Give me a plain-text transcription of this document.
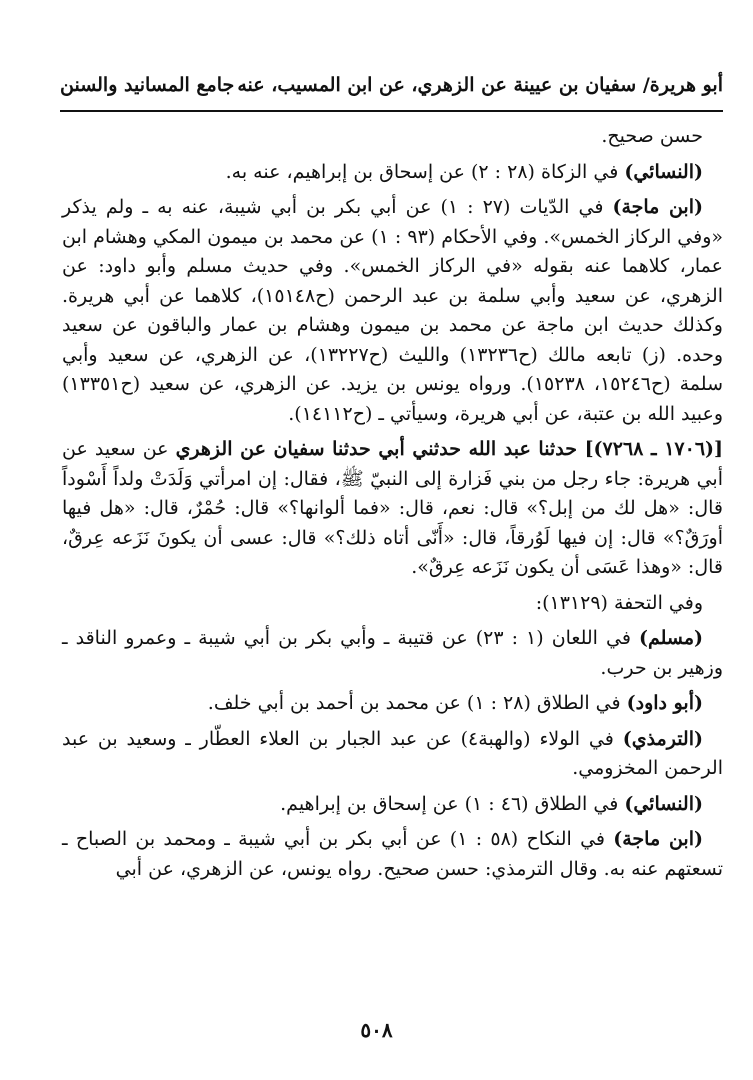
أبو هريرة/ سفيان بن عيينة عن الزهري، عن ابن المسيب، عنه
جامع المسانيد والسنن

حسن صحيح.

(النسائي) في الزكاة (٢٨ : ٢) عن إسحاق بن إبراهيم، عنه به.

(ابن ماجة) في الدّيات (٢٧ : ١) عن أبي بكر بن أبي شيبة، عنه به ـ ولم يذكر «وفي الركاز الخمس». وفي الأحكام (٩٣ : ١) عن محمد بن ميمون المكي وهشام ابن عمار، كلاهما عنه بقوله «في الركاز الخمس». وفي حديث مسلم وأبو داود: عن الزهري، عن سعيد وأبي سلمة بن عبد الرحمن (ح١٥١٤٨)، كلاهما عن أبي هريرة. وكذلك حديث ابن ماجة عن محمد بن ميمون وهشام بن عمار والباقون عن سعيد وحده. (ز) تابعه مالك (ح١٣٢٣٦) والليث (ح١٣٢٢٧)، عن الزهري، عن سعيد وأبي سلمة (ح١٥٢٤٦، ١٥٢٣٨). ورواه يونس بن يزيد. عن الزهري، عن سعيد (ح١٣٣٥١) وعبيد الله بن عتبة، عن أبي هريرة، وسيأتي ـ (ح١٤١١٢).

[(١٧٠٦ ـ ٧٢٦٨)] حدثنا عبد الله حدثني أبي حدثنا سفيان عن الزهري عن سعيد عن أبي هريرة: جاء رجل من بني فَزارة إلى النبيّ ﷺ، فقال: إن امرأتي وَلَدَتْ ولداً أَسْوداً قال: «هل لك من إبل؟» قال: نعم، قال: «فما ألوانها؟» قال: حُمْرٌ، قال: «هل فيها أورَقٌ؟» قال: إن فيها لَوُرقاً، قال: «أَنّى أتاه ذلك؟» قال: عسى أن يكونَ نَزَعه عِرقٌ، قال: «وهذا عَسَى أن يكون نَزَعه عِرقٌ».

وفي التحفة (١٣١٢٩):

(مسلم) في اللعان (١ : ٢٣) عن قتيبة ـ وأبي بكر بن أبي شيبة ـ وعمرو الناقد ـ وزهير بن حرب.

(أبو داود) في الطلاق (٢٨ : ١) عن محمد بن أحمد بن أبي خلف.

(الترمذي) في الولاء (والهبة٤) عن عبد الجبار بن العلاء العطّار ـ وسعيد بن عبد الرحمن المخزومي.

(النسائي) في الطلاق (٤٦ : ١) عن إسحاق بن إبراهيم.

(ابن ماجة) في النكاح (٥٨ : ١) عن أبي بكر بن أبي شيبة ـ ومحمد بن الصباح ـ تسعتهم عنه به. وقال الترمذي: حسن صحيح. رواه يونس، عن الزهري، عن أبي

٥٠٨
